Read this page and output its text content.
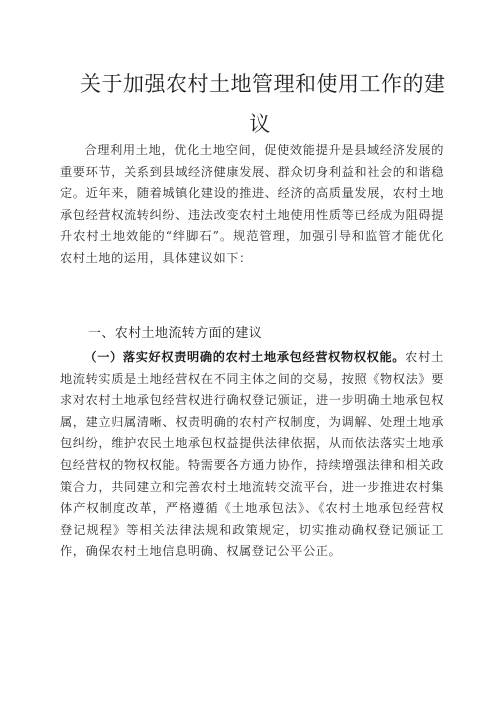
关于加强农村土地管理和使用工作的建
议

合理利用土地，优化土地空间，促使效能提升是县域经济发展的重要环节，关系到县域经济健康发展、群众切身利益和社会的和谐稳定。近年来，随着城镇化建设的推进、经济的高质量发展，农村土地承包经营权流转纠纷、违法改变农村土地使用性质等已经成为阻碍提升农村土地效能的“绊脚石”。规范管理，加强引导和监管才能优化农村土地的运用，具体建议如下：

一、农村土地流转方面的建议

（一）落实好权责明确的农村土地承包经营权物权权能。农村土地流转实质是土地经营权在不同主体之间的交易，按照《物权法》要求对农村土地承包经营权进行确权登记颁证，进一步明确土地承包权属，建立归属清晰、权责明确的农村产权制度，为调解、处理土地承包纠纷，维护农民土地承包权益提供法律依据，从而依法落实土地承包经营权的物权权能。特需要各方通力协作，持续增强法律和相关政策合力，共同建立和完善农村土地流转交流平台，进一步推进农村集体产权制度改革，严格遵循《土地承包法》、《农村土地承包经营权登记规程》等相关法律法规和政策规定，切实推动确权登记颁证工作，确保农村土地信息明确、权属登记公平公正。
